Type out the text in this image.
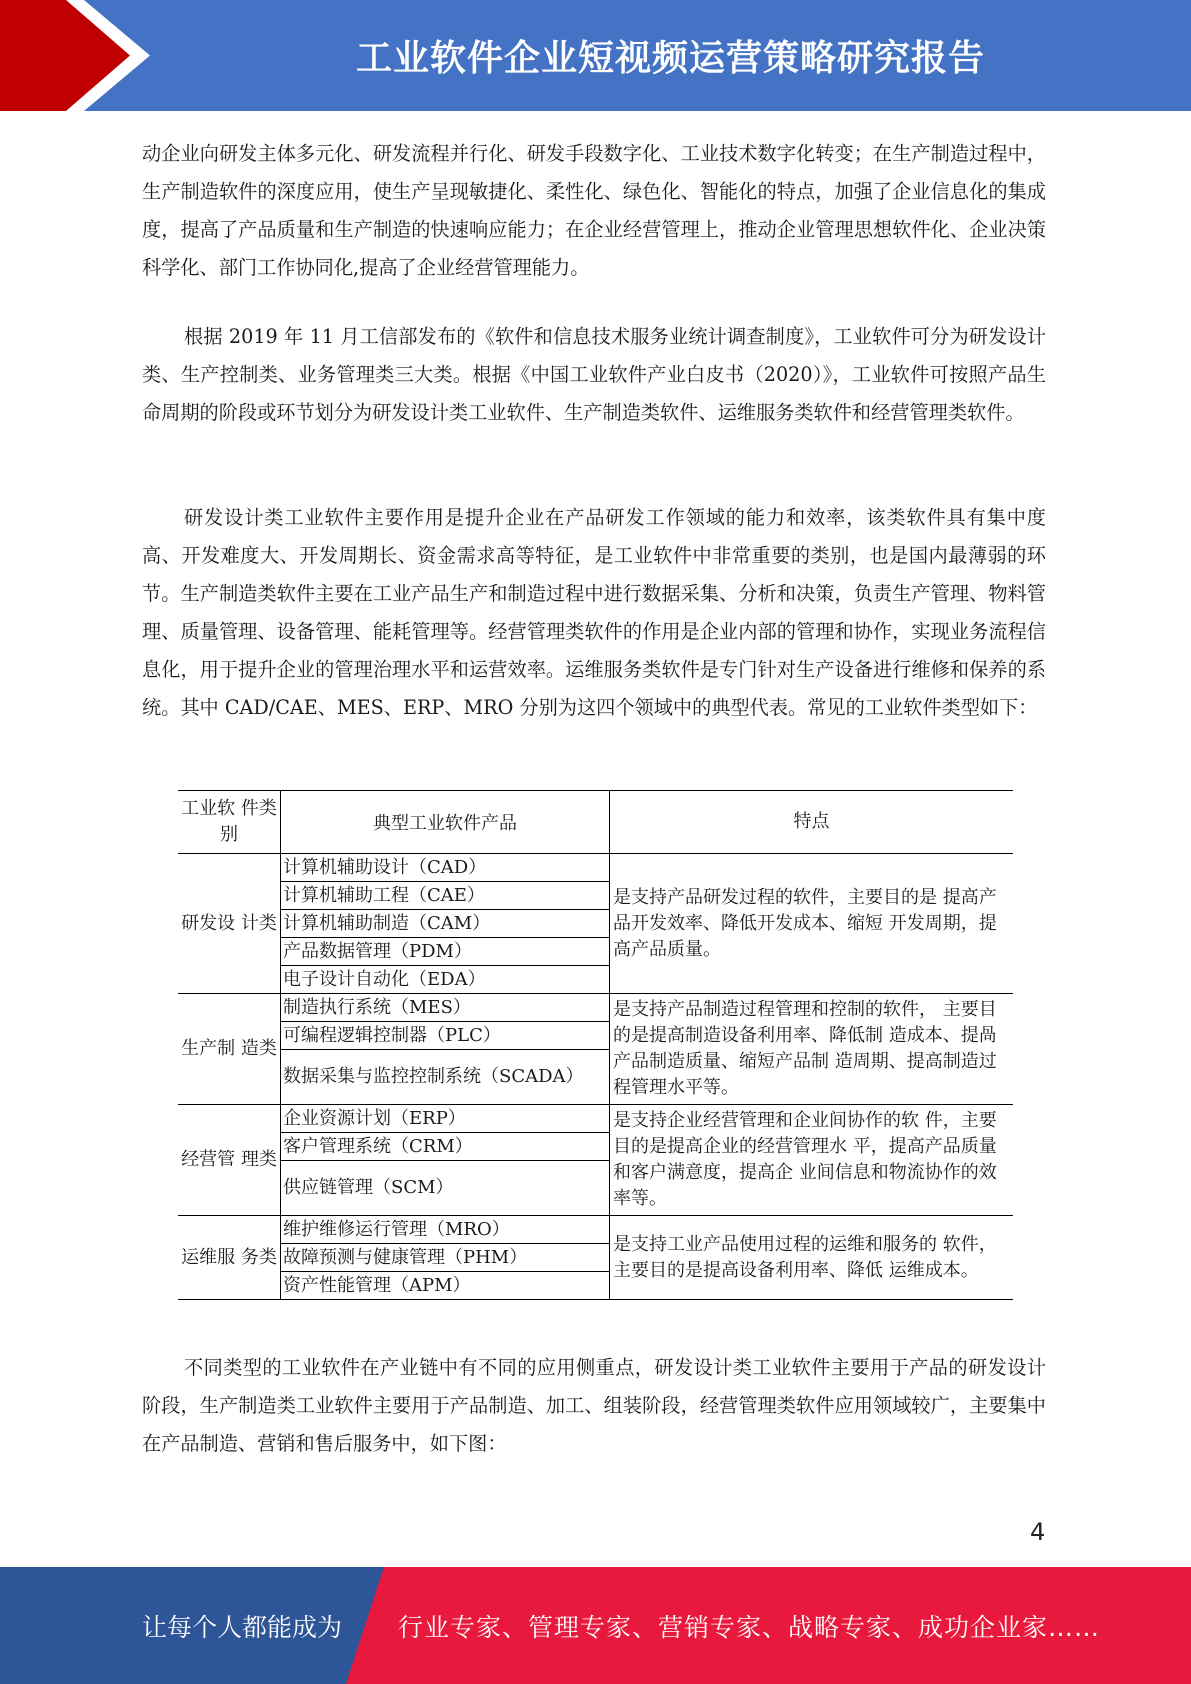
工业软件企业短视频运营策略研究报告

动企业向研发主体多元化、研发流程并行化、研发手段数字化、工业技术数字化转变；在生产制造过程中，生产制造软件的深度应用，使生产呈现敏捷化、柔性化、绿色化、智能化的特点，加强了企业信息化的集成度，提高了产品质量和生产制造的快速响应能力；在企业经营管理上，推动企业管理思想软件化、企业决策科学化、部门工作协同化,提高了企业经营管理能力。

根据 2019 年 11 月工信部发布的《软件和信息技术服务业统计调查制度》，工业软件可分为研发设计类、生产控制类、业务管理类三大类。根据《中国工业软件产业白皮书（2020）》，工业软件可按照产品生命周期的阶段或环节划分为研发设计类工业软件、生产制造类软件、运维服务类软件和经营管理类软件。

研发设计类工业软件主要作用是提升企业在产品研发工作领域的能力和效率，该类软件具有集中度高、开发难度大、开发周期长、资金需求高等特征，是工业软件中非常重要的类别，也是国内最薄弱的环节。生产制造类软件主要在工业产品生产和制造过程中进行数据采集、分析和决策，负责生产管理、物料管理、质量管理、设备管理、能耗管理等。经营管理类软件的作用是企业内部的管理和协作，实现业务流程信息化，用于提升企业的管理治理水平和运营效率。运维服务类软件是专门针对生产设备进行维修和保养的系统。其中 CAD/CAE、MES、ERP、MRO 分别为这四个领域中的典型代表。常见的工业软件类型如下：

工业软 件类别	典型工业软件产品	特点
研发设 计类	计算机辅助设计（CAD）	是支持产品研发过程的软件，主要目的是 提高产品开发效率、降低开发成本、缩短 开发周期，提高产品质量。
	计算机辅助工程（CAE）	
	计算机辅助制造（CAM）	
	产品数据管理（PDM）	
	电子设计自动化（EDA）	
生产制 造类	制造执行系统（MES）	是支持产品制造过程管理和控制的软件， 主要目的是提高制造设备利用率、降低制 造成本、提咼产品制造质量、缩短产品制 造周期、提高制造过程管理水平等。
	可编程逻辑控制器（PLC）	
	数据采集与监控控制系统（SCADA）	
经营管 理类	企业资源计划（ERP）	是支持企业经营管理和企业间协作的软 件，主要目的是提高企业的经营管理水 平，提高产品质量和客户满意度，提高企 业间信息和物流协作的效率等。
	客户管理系统（CRM）	
	供应链管理（SCM）	
运维服 务类	维护维修运行管理（MRO）	是支持工业产品使用过程的运维和服务的 软件，主要目的是提高设备利用率、降低 运维成本。
	故障预测与健康管理（PHM）	
	资产性能管理（APM）	

不同类型的工业软件在产业链中有不同的应用侧重点，研发设计类工业软件主要用于产品的研发设计阶段，生产制造类工业软件主要用于产品制造、加工、组装阶段，经营管理类软件应用领域较广，主要集中在产品制造、营销和售后服务中，如下图：

4
让每个人都能成为 行业专家、管理专家、营销专家、战略专家、成功企业家……
